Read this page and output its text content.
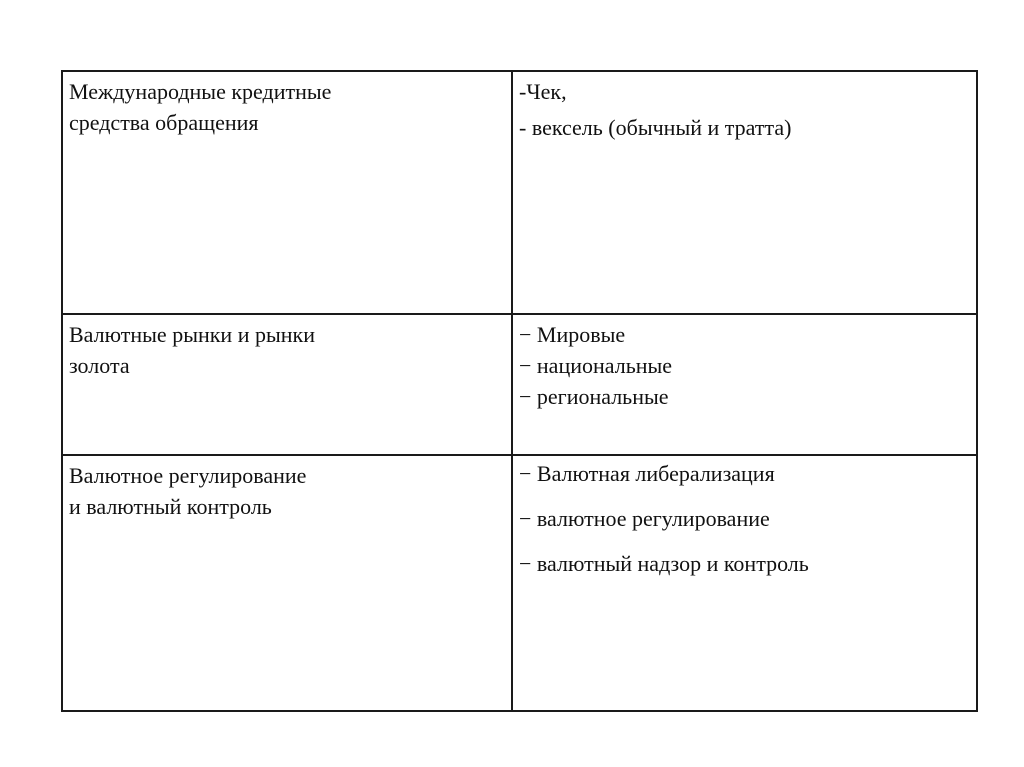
Международные кредитные
средства обращения	-Чек,
- вексель (обычный и тратта)

Валютные рынки и рынки
золота	− Мировые
− национальные
− региональные

Валютное регулирование
и валютный контроль	− Валютная либерализация
− валютное регулирование
− валютный надзор и контроль
